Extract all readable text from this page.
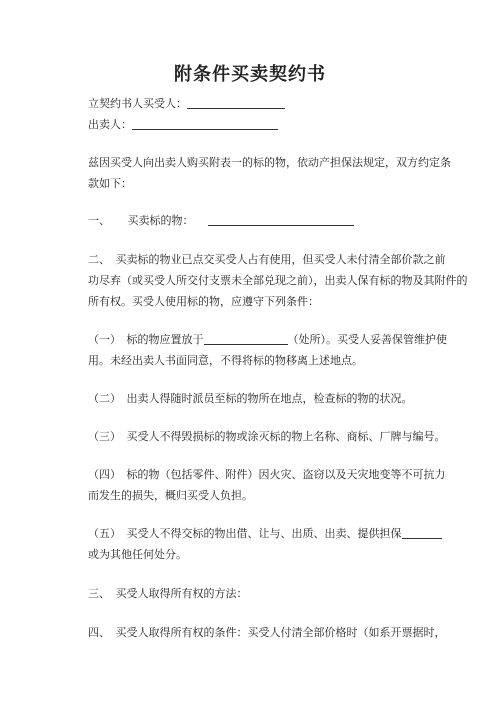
附条件买卖契约书
立契约书人买受人：
出卖人：
兹因买受人向出卖人购买附表一的标的物，依动产担保法规定，双方约定条
款如下：
一、 买卖标的物：
二、　买卖标的物业已点交买受人占有使用，但买受人未付清全部价款之前
功尽弃（或买受人所交付支票未全部兑现之前），出卖人保有标的物及其附件的
所有权。买受人使用标的物，应遵守下列条件：
（一）　标的物应置放于	（处所）。买受人妥善保管维护使
用。未经出卖人书面同意，不得将标的物移离上述地点。
（二）　出卖人得随时派员至标的物所在地点，检查标的物的状况。
（三）　买受人不得毁损标的物或涂灭标的物上名称、商标、厂牌与编号。
（四）　标的物（包括零件、附件）因火灾、盗窃以及天灾地变等不可抗力
而发生的损失，概归买受人负担。
（五）　买受人不得交标的物出借、让与、出质、出卖、提供担保
或为其他任何处分。
三、　买受人取得所有权的方法：
四、　买受人取得所有权的条件：买受人付清全部价格时（如系开票据时，
